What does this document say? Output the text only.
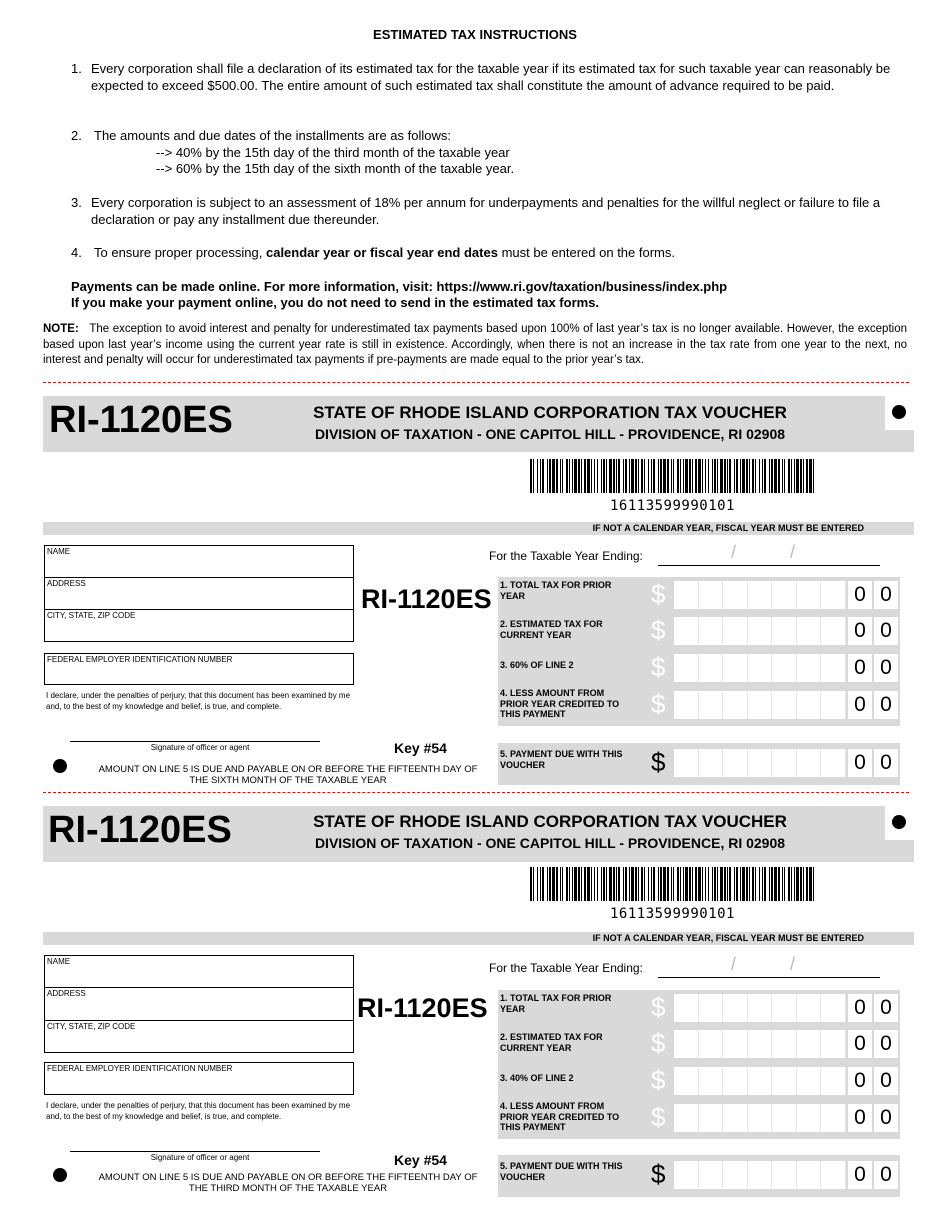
ESTIMATED TAX INSTRUCTIONS
1. Every corporation shall file a declaration of its estimated tax for the taxable year if its estimated tax for such taxable year can reasonably be expected to exceed $500.00. The entire amount of such estimated tax shall constitute the amount of advance required to be paid.
2. The amounts and due dates of the installments are as follows:
--> 40% by the 15th day of the third month of the taxable year
--> 60% by the 15th day of the sixth month of the taxable year.
3. Every corporation is subject to an assessment of 18% per annum for underpayments and penalties for the willful neglect or failure to file a declaration or pay any installment due thereunder.
4. To ensure proper processing, calendar year or fiscal year end dates must be entered on the forms.
Payments can be made online. For more information, visit: https://www.ri.gov/taxation/business/index.php
If you make your payment online, you do not need to send in the estimated tax forms.
NOTE: The exception to avoid interest and penalty for underestimated tax payments based upon 100% of last year’s tax is no longer available. However, the exception based upon last year’s income using the current year rate is still in existence. Accordingly, when there is not an increase in the tax rate from one year to the next, no interest and penalty will occur for underestimated tax payments if pre-payments are made equal to the prior year’s tax.
RI-1120ES	STATE OF RHODE ISLAND CORPORATION TAX VOUCHER
DIVISION OF TAXATION - ONE CAPITOL HILL - PROVIDENCE, RI 02908
16113599990101
IF NOT A CALENDAR YEAR, FISCAL YEAR MUST BE ENTERED
NAME
ADDRESS
CITY, STATE, ZIP CODE
FEDERAL EMPLOYER IDENTIFICATION NUMBER
I declare, under the penalties of perjury, that this document has been examined by me and, to the best of my knowledge and belief, is true, and complete.
Signature of officer or agent
AMOUNT ON LINE 5 IS DUE AND PAYABLE ON OR BEFORE THE FIFTEENTH DAY OF THE SIXTH MONTH OF THE TAXABLE YEAR
RI-1120ES
Key #54
For the Taxable Year Ending:	/	/
1. TOTAL TAX FOR PRIOR YEAR	$	0 0
2. ESTIMATED TAX FOR CURRENT YEAR	$	0 0
3. 60% OF LINE 2	$	0 0
4. LESS AMOUNT FROM PRIOR YEAR CREDITED TO THIS PAYMENT	$	0 0
5. PAYMENT DUE WITH THIS VOUCHER	$	0 0
RI-1120ES	STATE OF RHODE ISLAND CORPORATION TAX VOUCHER
DIVISION OF TAXATION - ONE CAPITOL HILL - PROVIDENCE, RI 02908
16113599990101
IF NOT A CALENDAR YEAR, FISCAL YEAR MUST BE ENTERED
NAME
ADDRESS
CITY, STATE, ZIP CODE
FEDERAL EMPLOYER IDENTIFICATION NUMBER
I declare, under the penalties of perjury, that this document has been examined by me and, to the best of my knowledge and belief, is true, and complete.
Signature of officer or agent
AMOUNT ON LINE 5 IS DUE AND PAYABLE ON OR BEFORE THE FIFTEENTH DAY OF THE THIRD MONTH OF THE TAXABLE YEAR
RI-1120ES
Key #54
For the Taxable Year Ending:	/	/
1. TOTAL TAX FOR PRIOR YEAR	$	0 0
2. ESTIMATED TAX FOR CURRENT YEAR	$	0 0
3. 40% OF LINE 2	$	0 0
4. LESS AMOUNT FROM PRIOR YEAR CREDITED TO THIS PAYMENT	$	0 0
5. PAYMENT DUE WITH THIS VOUCHER	$	0 0
